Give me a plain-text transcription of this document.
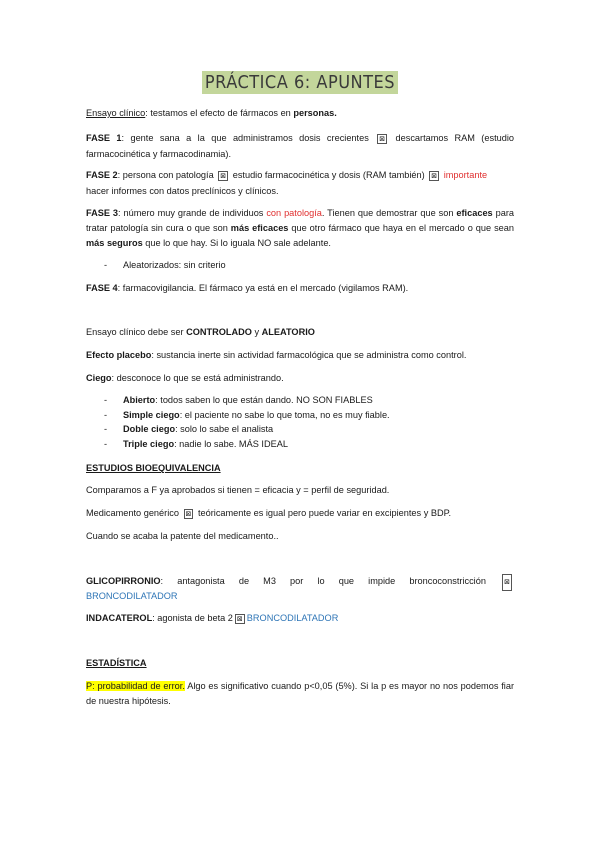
PRÁCTICA 6: APUNTES

Ensayo clínico: testamos el efecto de fármacos en personas.

FASE 1: gente sana a la que administramos dosis crecientes ⊠ descartamos RAM (estudio farmacocinética y farmacodinamia).

FASE 2: persona con patología ⊠ estudio farmacocinética y dosis (RAM también) ⊠ importante
hacer informes con datos preclínicos y clínicos.

FASE 3: número muy grande de individuos con patología. Tienen que demostrar que son eficaces para tratar patología sin cura o que son más eficaces que otro fármaco que haya en el mercado o que sean más seguros que lo que hay. Si lo iguala NO sale adelante.

- Aleatorizados: sin criterio

FASE 4: farmacovigilancia. El fármaco ya está en el mercado (vigilamos RAM).

Ensayo clínico debe ser CONTROLADO y ALEATORIO

Efecto placebo: sustancia inerte sin actividad farmacológica que se administra como control.

Ciego: desconoce lo que se está administrando.

- Abierto: todos saben lo que están dando. NO SON FIABLES
- Simple ciego: el paciente no sabe lo que toma, no es muy fiable.
- Doble ciego: solo lo sabe el analista
- Triple ciego: nadie lo sabe. MÁS IDEAL

ESTUDIOS BIOEQUIVALENCIA

Comparamos a F ya aprobados si tienen = eficacia y = perfil de seguridad.

Medicamento genérico ⊠ teóricamente es igual pero puede variar en excipientes y BDP.

Cuando se acaba la patente del medicamento..

GLICOPIRRONIO: antagonista de M3 por lo que impide broncoconstricción	⊠

BRONCODILATADOR

INDACATEROL: agonista de beta 2 ⊠ BRONCODILATADOR

ESTADÍSTICA

P: probabilidad de error. Algo es significativo cuando p<0,05 (5%). Si la p es mayor no nos podemos fiar de nuestra hipótesis.
